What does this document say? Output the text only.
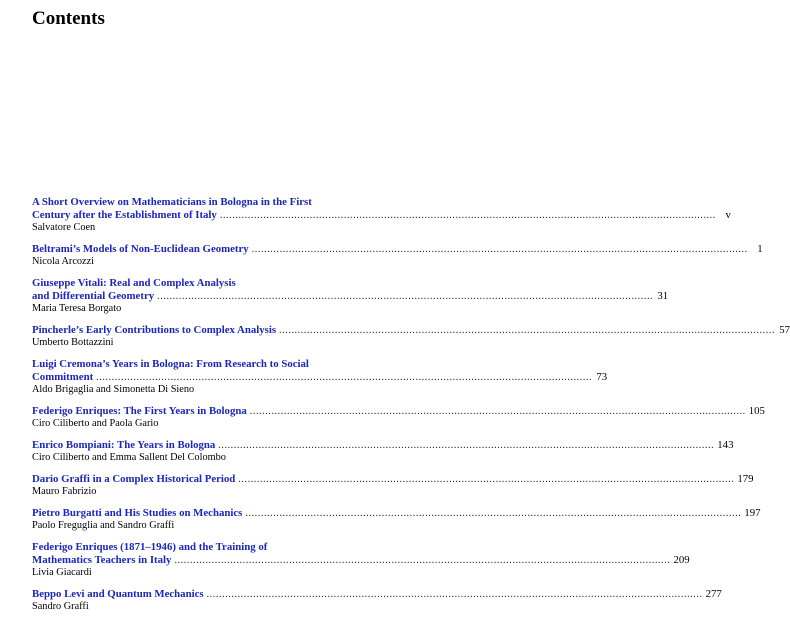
Contents
A Short Overview on Mathematicians in Bologna in the First
Century after the Establishment of Italy ................................................................................................................................................................ v
Salvatore Coen
Beltrami’s Models of Non-Euclidean Geometry ................................................................................................................................................................ 1
Nicola Arcozzi
Giuseppe Vitali: Real and Complex Analysis
and Differential Geometry ................................................................................................................................................................ 31
Maria Teresa Borgato
Pincherle’s Early Contributions to Complex Analysis ................................................................................................................................................................ 57
Umberto Bottazzini
Luigi Cremona’s Years in Bologna: From Research to Social
Commitment ................................................................................................................................................................ 73
Aldo Brigaglia and Simonetta Di Sieno
Federigo Enriques: The First Years in Bologna ................................................................................................................................................................ 105
Ciro Ciliberto and Paola Gario
Enrico Bompiani: The Years in Bologna ................................................................................................................................................................ 143
Ciro Ciliberto and Emma Sallent Del Colombo
Dario Graffi in a Complex Historical Period ................................................................................................................................................................ 179
Mauro Fabrizio
Pietro Burgatti and His Studies on Mechanics ................................................................................................................................................................ 197
Paolo Freguglia and Sandro Graffi
Federigo Enriques (1871–1946) and the Training of
Mathematics Teachers in Italy ................................................................................................................................................................ 209
Livia Giacardi
Beppo Levi and Quantum Mechanics ................................................................................................................................................................ 277
Sandro Graffi
